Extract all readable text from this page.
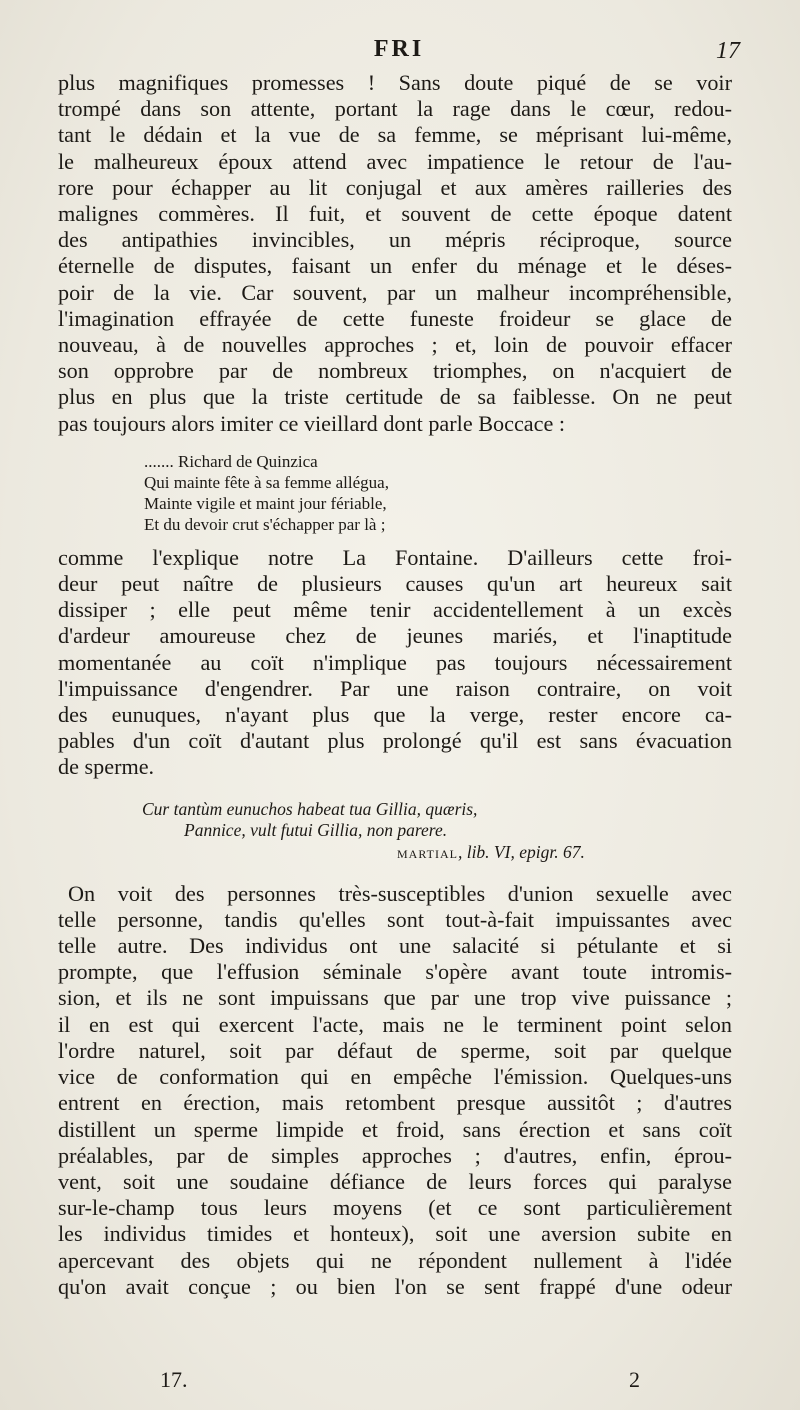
FRI	17

plus magnifiques promesses ! Sans doute piqué de se voir

trompé dans son attente, portant la rage dans le cœur, redou-

tant le dédain et la vue de sa femme, se méprisant lui-même,

le malheureux époux attend avec impatience le retour de l'au-

rore pour échapper au lit conjugal et aux amères railleries des

malignes commères. Il fuit, et souvent de cette époque datent

des antipathies invincibles, un mépris réciproque, source

éternelle de disputes, faisant un enfer du ménage et le déses-

poir de la vie. Car souvent, par un malheur incompréhensible,

l'imagination effrayée de cette funeste froideur se glace de

nouveau, à de nouvelles approches ; et, loin de pouvoir effacer

son opprobre par de nombreux triomphes, on n'acquiert de

plus en plus que la triste certitude de sa faiblesse. On ne peut

pas toujours alors imiter ce vieillard dont parle Boccace :

....... Richard de Quinzica

Qui mainte fête à sa femme allégua,

Mainte vigile et maint jour fériable,

Et du devoir crut s'échapper par là ;

comme l'explique notre La Fontaine. D'ailleurs cette froi-

deur peut naître de plusieurs causes qu'un art heureux sait

dissiper ; elle peut même tenir accidentellement à un excès

d'ardeur amoureuse chez de jeunes mariés, et l'inaptitude

momentanée au coït n'implique pas toujours nécessairement

l'impuissance d'engendrer. Par une raison contraire, on voit

des eunuques, n'ayant plus que la verge, rester encore ca-

pables d'un coït d'autant plus prolongé qu'il est sans évacuation

de sperme.

Cur tantùm eunuchos habeat tua Gillia, quæris,

Pannice, vult futui Gillia, non parere.

MARTIAL, lib. VI, epigr. 67.

On voit des personnes très-susceptibles d'union sexuelle avec

telle personne, tandis qu'elles sont tout-à-fait impuissantes avec

telle autre. Des individus ont une salacité si pétulante et si

prompte, que l'effusion séminale s'opère avant toute intromis-

sion, et ils ne sont impuissans que par une trop vive puissance ;

il en est qui exercent l'acte, mais ne le terminent point selon

l'ordre naturel, soit par défaut de sperme, soit par quelque

vice de conformation qui en empêche l'émission. Quelques-uns

entrent en érection, mais retombent presque aussitôt ; d'autres

distillent un sperme limpide et froid, sans érection et sans coït

préalables, par de simples approches ; d'autres, enfin, éprou-

vent, soit une soudaine défiance de leurs forces qui paralyse

sur-le-champ tous leurs moyens (et ce sont particulièrement

les individus timides et honteux), soit une aversion subite en

apercevant des objets qui ne répondent nullement à l'idée

qu'on avait conçue ; ou bien l'on se sent frappé d'une odeur

17.	2
